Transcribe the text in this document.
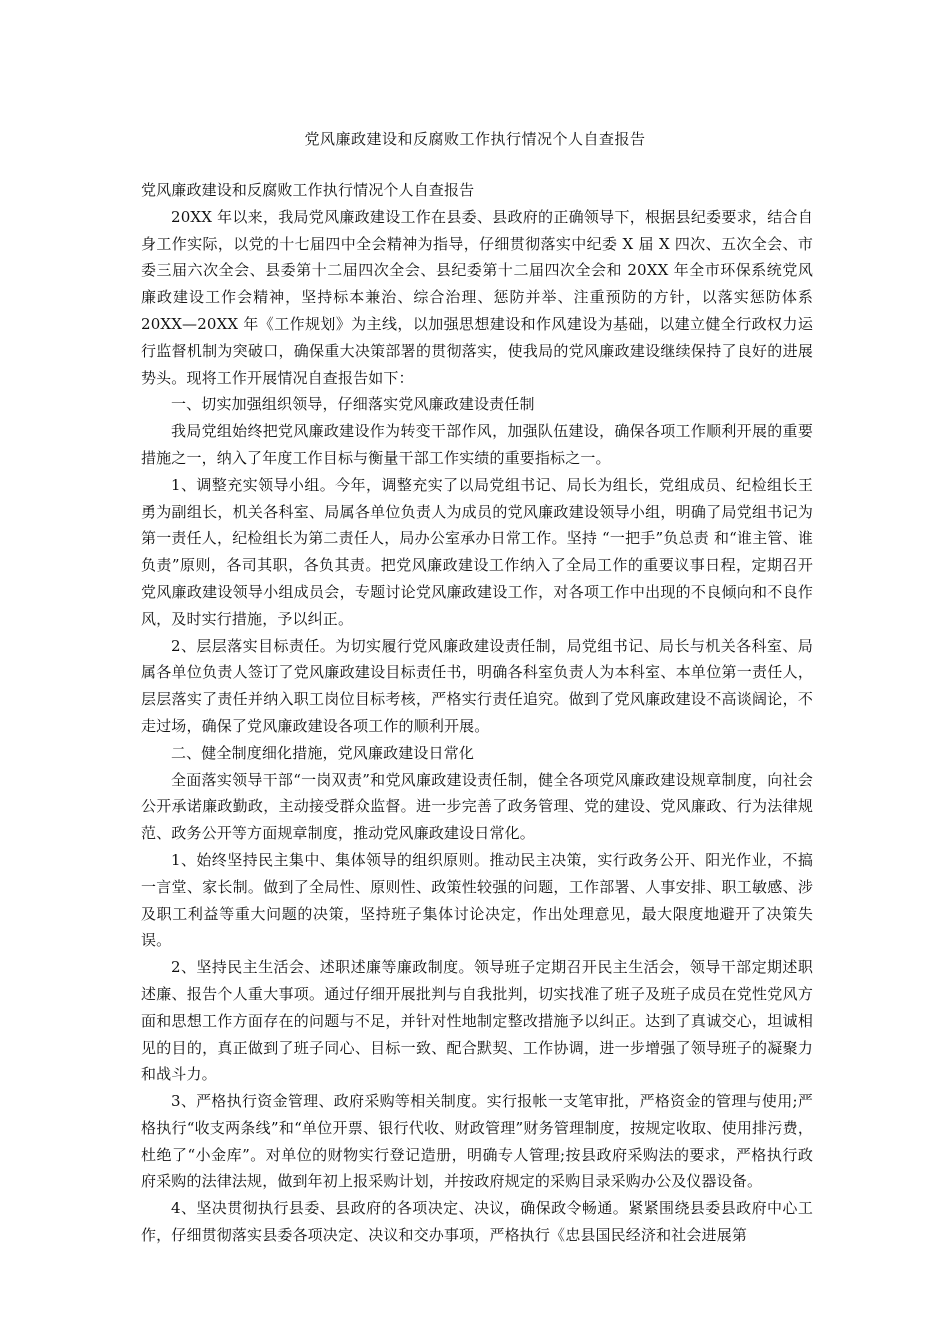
党风廉政建设和反腐败工作执行情况个人自查报告

党风廉政建设和反腐败工作执行情况个人自查报告

20XX 年以来，我局党风廉政建设工作在县委、县政府的正确领导下，根据县纪委要求，结合自身工作实际，以党的十七届四中全会精神为指导，仔细贯彻落实中纪委 X 届 X 四次、五次全会、市委三届六次全会、县委第十二届四次全会、县纪委第十二届四次全会和 20XX 年全市环保系统党风廉政建设工作会精神，坚持标本兼治、综合治理、惩防并举、注重预防的方针，以落实惩防体系 20XX—20XX 年《工作规划》为主线，以加强思想建设和作风建设为基础，以建立健全行政权力运行监督机制为突破口，确保重大决策部署的贯彻落实，使我局的党风廉政建设继续保持了良好的进展势头。现将工作开展情况自查报告如下：

一、切实加强组织领导，仔细落实党风廉政建设责任制

我局党组始终把党风廉政建设作为转变干部作风，加强队伍建设，确保各项工作顺利开展的重要措施之一，纳入了年度工作目标与衡量干部工作实绩的重要指标之一。

1、调整充实领导小组。今年，调整充实了以局党组书记、局长为组长，党组成员、纪检组长王勇为副组长，机关各科室、局属各单位负责人为成员的党风廉政建设领导小组，明确了局党组书记为第一责任人，纪检组长为第二责任人，局办公室承办日常工作。坚持 “一把手”负总责 和“谁主管、谁负责”原则，各司其职，各负其责。把党风廉政建设工作纳入了全局工作的重要议事日程，定期召开党风廉政建设领导小组成员会，专题讨论党风廉政建设工作，对各项工作中出现的不良倾向和不良作风，及时实行措施，予以纠正。

2、层层落实目标责任。为切实履行党风廉政建设责任制，局党组书记、局长与机关各科室、局属各单位负责人签订了党风廉政建设目标责任书，明确各科室负责人为本科室、本单位第一责任人，层层落实了责任并纳入职工岗位目标考核，严格实行责任追究。做到了党风廉政建设不高谈阔论，不走过场，确保了党风廉政建设各项工作的顺利开展。

二、健全制度细化措施，党风廉政建设日常化

全面落实领导干部“一岗双责”和党风廉政建设责任制，健全各项党风廉政建设规章制度，向社会公开承诺廉政勤政，主动接受群众监督。进一步完善了政务管理、党的建设、党风廉政、行为法律规范、政务公开等方面规章制度，推动党风廉政建设日常化。

1、始终坚持民主集中、集体领导的组织原则。推动民主决策，实行政务公开、阳光作业，不搞一言堂、家长制。做到了全局性、原则性、政策性较强的问题，工作部署、人事安排、职工敏感、涉及职工利益等重大问题的决策，坚持班子集体讨论决定，作出处理意见，最大限度地避开了决策失误。

2、坚持民主生活会、述职述廉等廉政制度。领导班子定期召开民主生活会，领导干部定期述职述廉、报告个人重大事项。通过仔细开展批判与自我批判，切实找准了班子及班子成员在党性党风方面和思想工作方面存在的问题与不足，并针对性地制定整改措施予以纠正。达到了真诚交心，坦诚相见的目的，真正做到了班子同心、目标一致、配合默契、工作协调，进一步增强了领导班子的凝聚力和战斗力。

3、严格执行资金管理、政府采购等相关制度。实行报帐一支笔审批，严格资金的管理与使用;严格执行“收支两条线”和“单位开票、银行代收、财政管理”财务管理制度，按规定收取、使用排污费，杜绝了“小金库”。对单位的财物实行登记造册，明确专人管理;按县政府采购法的要求，严格执行政府采购的法律法规，做到年初上报采购计划，并按政府规定的采购目录采购办公及仪器设备。

4、坚决贯彻执行县委、县政府的各项决定、决议，确保政令畅通。紧紧围绕县委县政府中心工作，仔细贯彻落实县委各项决定、决议和交办事项，严格执行《忠县国民经济和社会进展第
